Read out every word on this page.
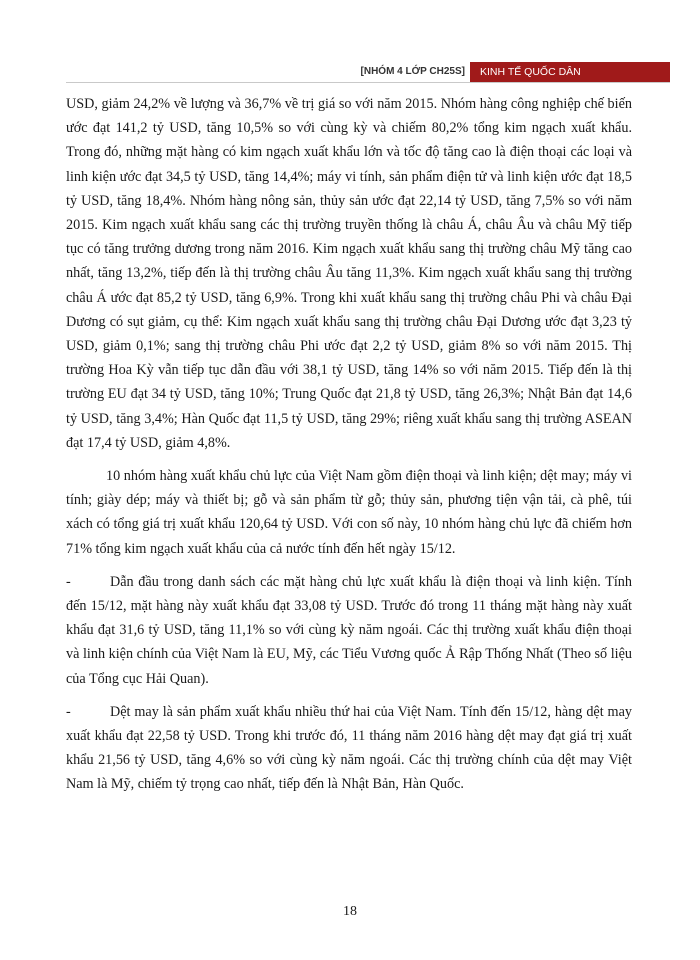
[NHÓM 4 LỚP CH25S]	KINH TẾ QUỐC DÂN

USD, giảm 24,2% về lượng và 36,7% về trị giá so với năm 2015. Nhóm hàng công nghiệp chế biến ước đạt 141,2 tỷ USD, tăng 10,5% so với cùng kỳ và chiếm 80,2% tổng kim ngạch xuất khẩu. Trong đó, những mặt hàng có kim ngạch xuất khẩu lớn và tốc độ tăng cao là điện thoại các loại và linh kiện ước đạt 34,5 tỷ USD, tăng 14,4%; máy vi tính, sản phẩm điện tử và linh kiện ước đạt 18,5 tỷ USD, tăng 18,4%. Nhóm hàng nông sản, thủy sản ước đạt 22,14 tỷ USD, tăng 7,5% so với năm 2015. Kim ngạch xuất khẩu sang các thị trường truyền thống là châu Á, châu Âu và châu Mỹ tiếp tục có tăng trưởng dương trong năm 2016. Kim ngạch xuất khẩu sang thị trường châu Mỹ tăng cao nhất, tăng 13,2%, tiếp đến là thị trường châu Âu tăng 11,3%. Kim ngạch xuất khẩu sang thị trường châu Á ước đạt 85,2 tỷ USD, tăng 6,9%. Trong khi xuất khẩu sang thị trường châu Phi và châu Đại Dương có sụt giảm, cụ thể: Kim ngạch xuất khẩu sang thị trường châu Đại Dương ước đạt 3,23 tỷ USD, giảm 0,1%; sang thị trường châu Phi ước đạt 2,2 tỷ USD, giảm 8% so với năm 2015. Thị trường Hoa Kỳ vẫn tiếp tục dẫn đầu với 38,1 tỷ USD, tăng 14% so với năm 2015. Tiếp đến là thị trường EU đạt 34 tỷ USD, tăng 10%; Trung Quốc đạt 21,8 tỷ USD, tăng 26,3%; Nhật Bản đạt 14,6 tỷ USD, tăng 3,4%; Hàn Quốc đạt 11,5 tỷ USD, tăng 29%; riêng xuất khẩu sang thị trường ASEAN đạt 17,4 tỷ USD, giảm 4,8%.

10 nhóm hàng xuất khẩu chủ lực của Việt Nam gồm điện thoại và linh kiện; dệt may; máy vi tính; giày dép; máy và thiết bị; gỗ và sản phẩm từ gỗ; thủy sản, phương tiện vận tải, cà phê, túi xách có tổng giá trị xuất khẩu 120,64 tỷ USD. Với con số này, 10 nhóm hàng chủ lực đã chiếm hơn 71% tổng kim ngạch xuất khẩu của cả nước tính đến hết ngày 15/12.

-	Dẫn đầu trong danh sách các mặt hàng chủ lực xuất khẩu là điện thoại và linh kiện. Tính đến 15/12, mặt hàng này xuất khẩu đạt 33,08 tỷ USD. Trước đó trong 11 tháng mặt hàng này xuất khẩu đạt 31,6 tỷ USD, tăng 11,1% so với cùng kỳ năm ngoái. Các thị trường xuất khẩu điện thoại và linh kiện chính của Việt Nam là EU, Mỹ, các Tiểu Vương quốc Ả Rập Thống Nhất (Theo số liệu của Tổng cục Hải Quan).

-	Dệt may là sản phẩm xuất khẩu nhiều thứ hai của Việt Nam. Tính đến 15/12, hàng dệt may xuất khẩu đạt 22,58 tỷ USD. Trong khi trước đó, 11 tháng năm 2016 hàng dệt may đạt giá trị xuất khẩu 21,56 tỷ USD, tăng 4,6% so với cùng kỳ năm ngoái. Các thị trường chính của dệt may Việt Nam là Mỹ, chiếm tỷ trọng cao nhất, tiếp đến là Nhật Bản, Hàn Quốc.

18
